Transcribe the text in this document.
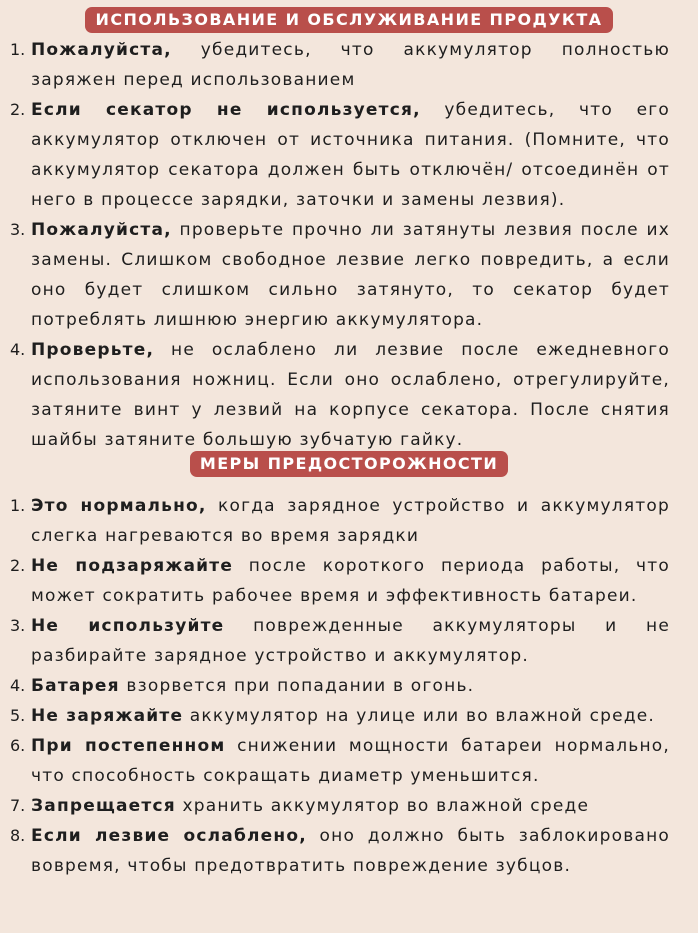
ИСПОЛЬЗОВАНИЕ И ОБСЛУЖИВАНИЕ ПРОДУКТА
1. Пожалуйста, убедитесь, что аккумулятор полностью заряжен перед использованием
2. Если секатор не используется, убедитесь, что его аккумулятор отключен от источника питания. (Помните, что аккумулятор секатора должен быть отключён/ отсоединён от него в процессе зарядки, заточки и замены лезвия).
3. Пожалуйста, проверьте прочно ли затянуты лезвия после их замены. Слишком свободное лезвие легко повредить, а если оно будет слишком сильно затянуто, то секатор будет потреблять лишнюю энергию аккумулятора.
4. Проверьте, не ослаблено ли лезвие после ежедневного использования ножниц. Если оно ослаблено, отрегулируйте, затяните винт у лезвий на корпусе секатора. После снятия шайбы затяните большую зубчатую гайку.
МЕРЫ ПРЕДОСТОРОЖНОСТИ
1. Это нормально, когда зарядное устройство и аккумулятор слегка нагреваются во время зарядки
2. Не подзаряжайте после короткого периода работы, что может сократить рабочее время и эффективность батареи.
3. Не используйте поврежденные аккумуляторы и не разбирайте зарядное устройство и аккумулятор.
4. Батарея взорвется при попадании в огонь.
5. Не заряжайте аккумулятор на улице или во влажной среде.
6. При постепенном снижении мощности батареи нормально, что способность сокращать диаметр уменьшится.
7. Запрещается хранить аккумулятор во влажной среде
8. Если лезвие ослаблено, оно должно быть заблокировано вовремя, чтобы предотвратить повреждение зубцов.
